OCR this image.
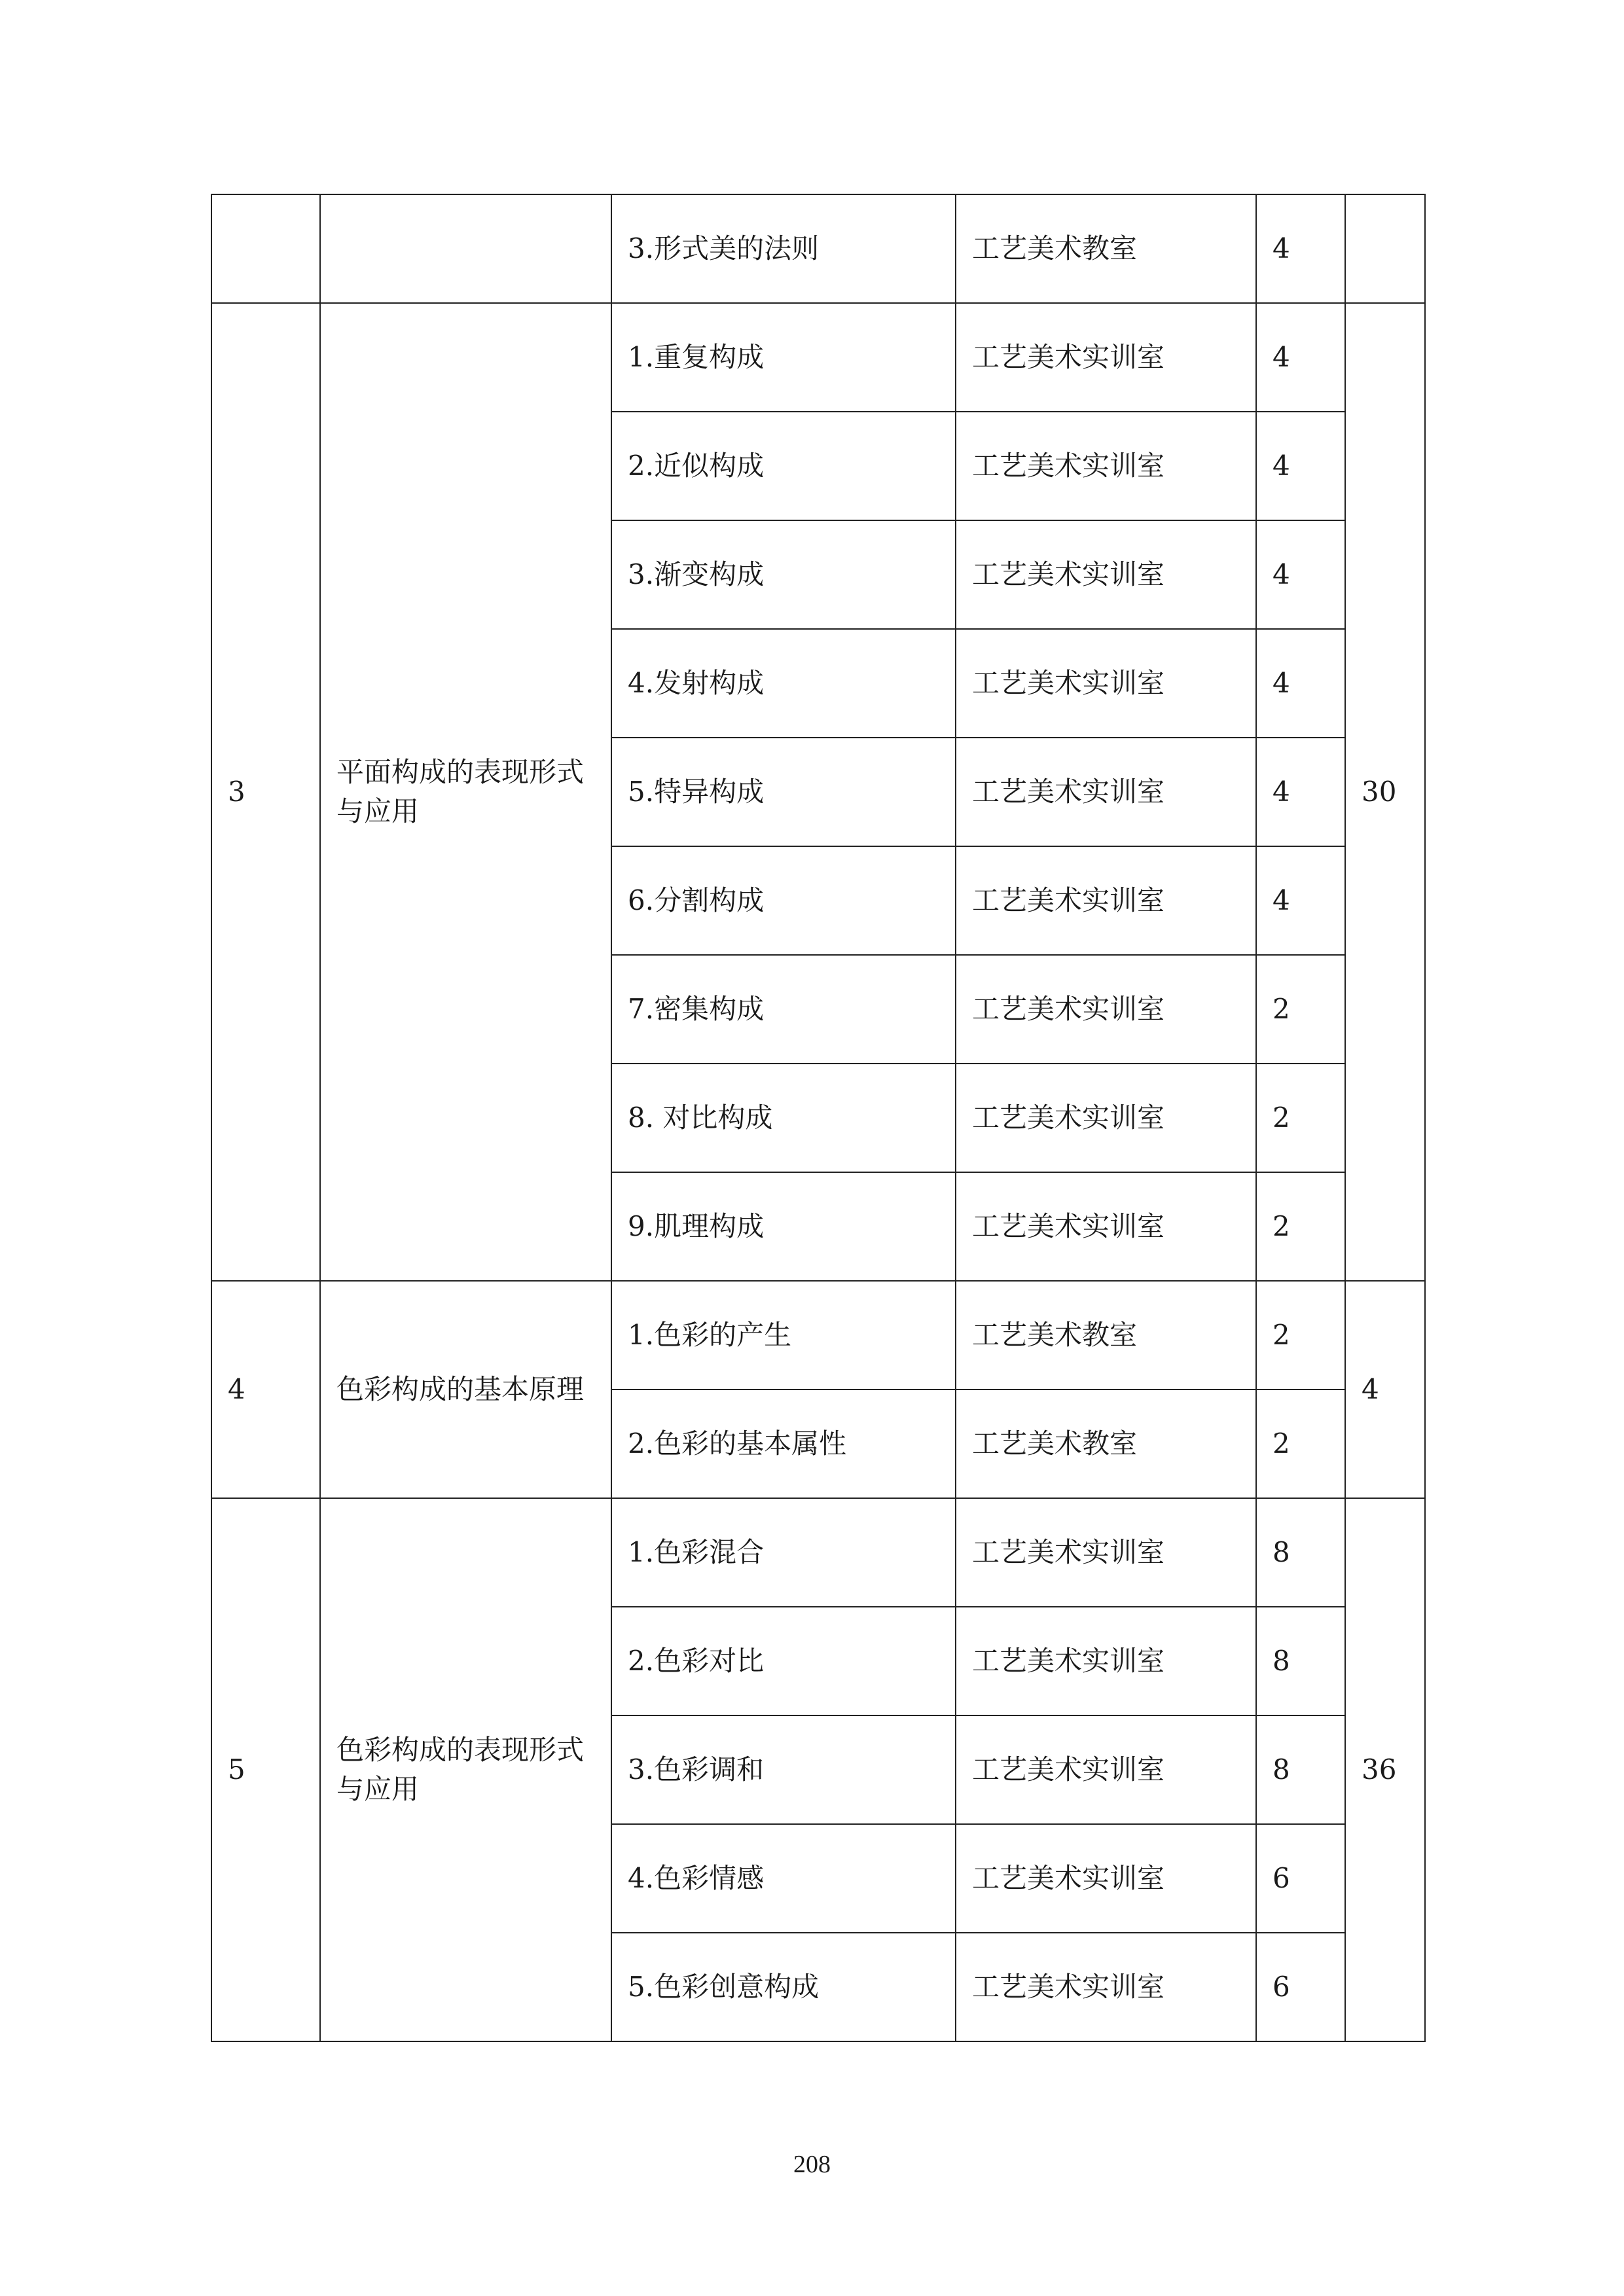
		3.形式美的法则	工艺美术教室	4	
3	平面构成的表现形式与应用	1.重复构成	工艺美术实训室	4	30
		2.近似构成	工艺美术实训室	4	
		3.渐变构成	工艺美术实训室	4	
		4.发射构成	工艺美术实训室	4	
		5.特异构成	工艺美术实训室	4	
		6.分割构成	工艺美术实训室	4	
		7.密集构成	工艺美术实训室	2	
		8. 对比构成	工艺美术实训室	2	
		9.肌理构成	工艺美术实训室	2	
4	色彩构成的基本原理	1.色彩的产生	工艺美术教室	2	4
		2.色彩的基本属性	工艺美术教室	2	
5	色彩构成的表现形式与应用	1.色彩混合	工艺美术实训室	8	36
		2.色彩对比	工艺美术实训室	8	
		3.色彩调和	工艺美术实训室	8	
		4.色彩情感	工艺美术实训室	6	
		5.色彩创意构成	工艺美术实训室	6	
208
